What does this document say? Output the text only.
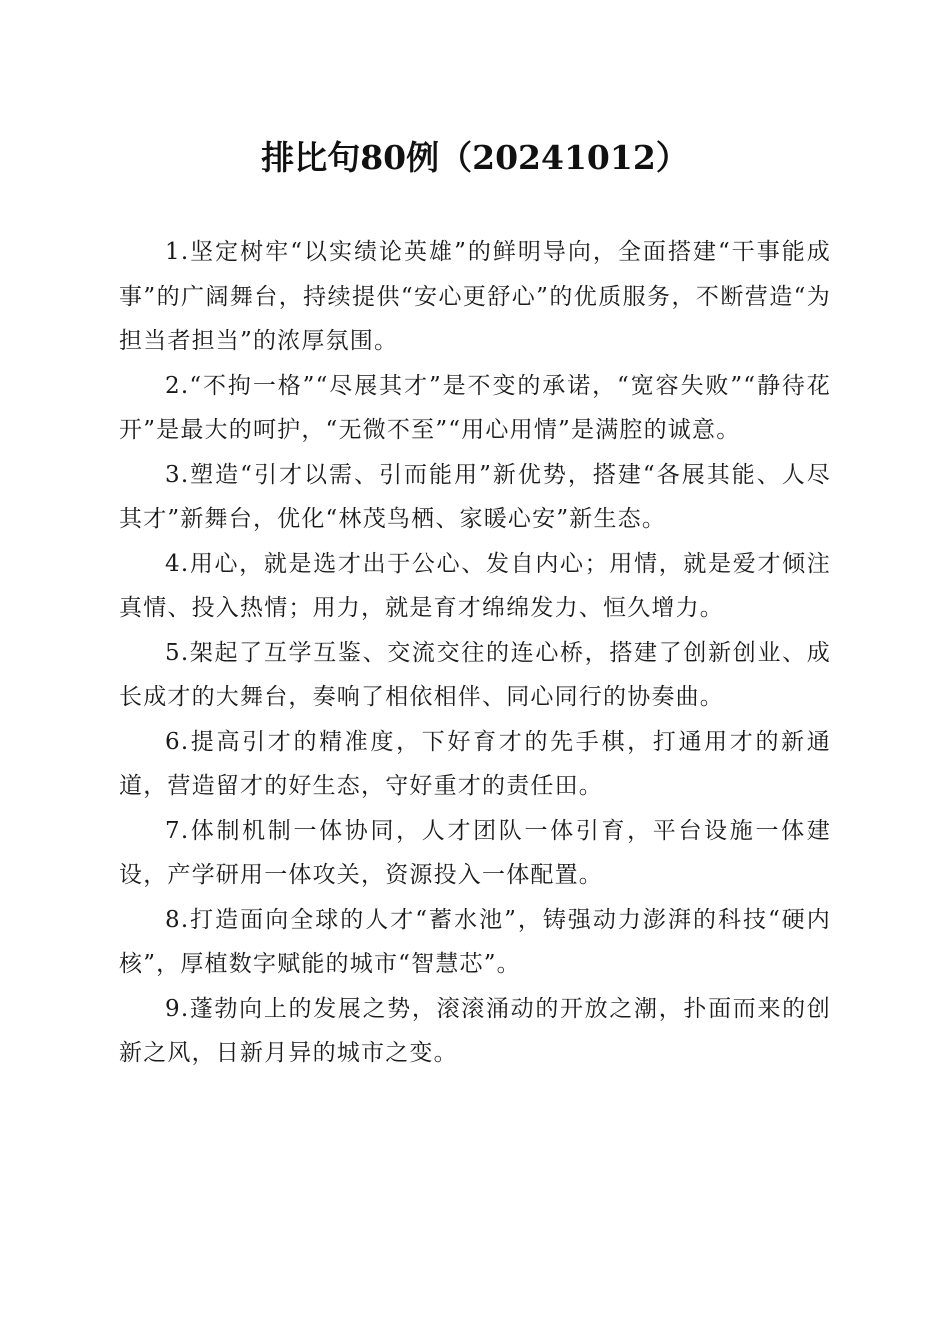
排比句80例（20241012）

1.坚定树牢“以实绩论英雄”的鲜明导向，全面搭建“干事能成事”的广阔舞台，持续提供“安心更舒心”的优质服务，不断营造“为担当者担当”的浓厚氛围。

2.“不拘一格”“尽展其才”是不变的承诺，“宽容失败”“静待花开”是最大的呵护，“无微不至”“用心用情”是满腔的诚意。

3.塑造“引才以需、引而能用”新优势，搭建“各展其能、人尽其才”新舞台，优化“林茂鸟栖、家暖心安”新生态。

4.用心，就是选才出于公心、发自内心；用情，就是爱才倾注真情、投入热情；用力，就是育才绵绵发力、恒久增力。

5.架起了互学互鉴、交流交往的连心桥，搭建了创新创业、成长成才的大舞台，奏响了相依相伴、同心同行的协奏曲。

6.提高引才的精准度，下好育才的先手棋，打通用才的新通道，营造留才的好生态，守好重才的责任田。

7.体制机制一体协同，人才团队一体引育，平台设施一体建设，产学研用一体攻关，资源投入一体配置。

8.打造面向全球的人才“蓄水池”，铸强动力澎湃的科技“硬内核”，厚植数字赋能的城市“智慧芯”。

9.蓬勃向上的发展之势，滚滚涌动的开放之潮，扑面而来的创新之风，日新月异的城市之变。
